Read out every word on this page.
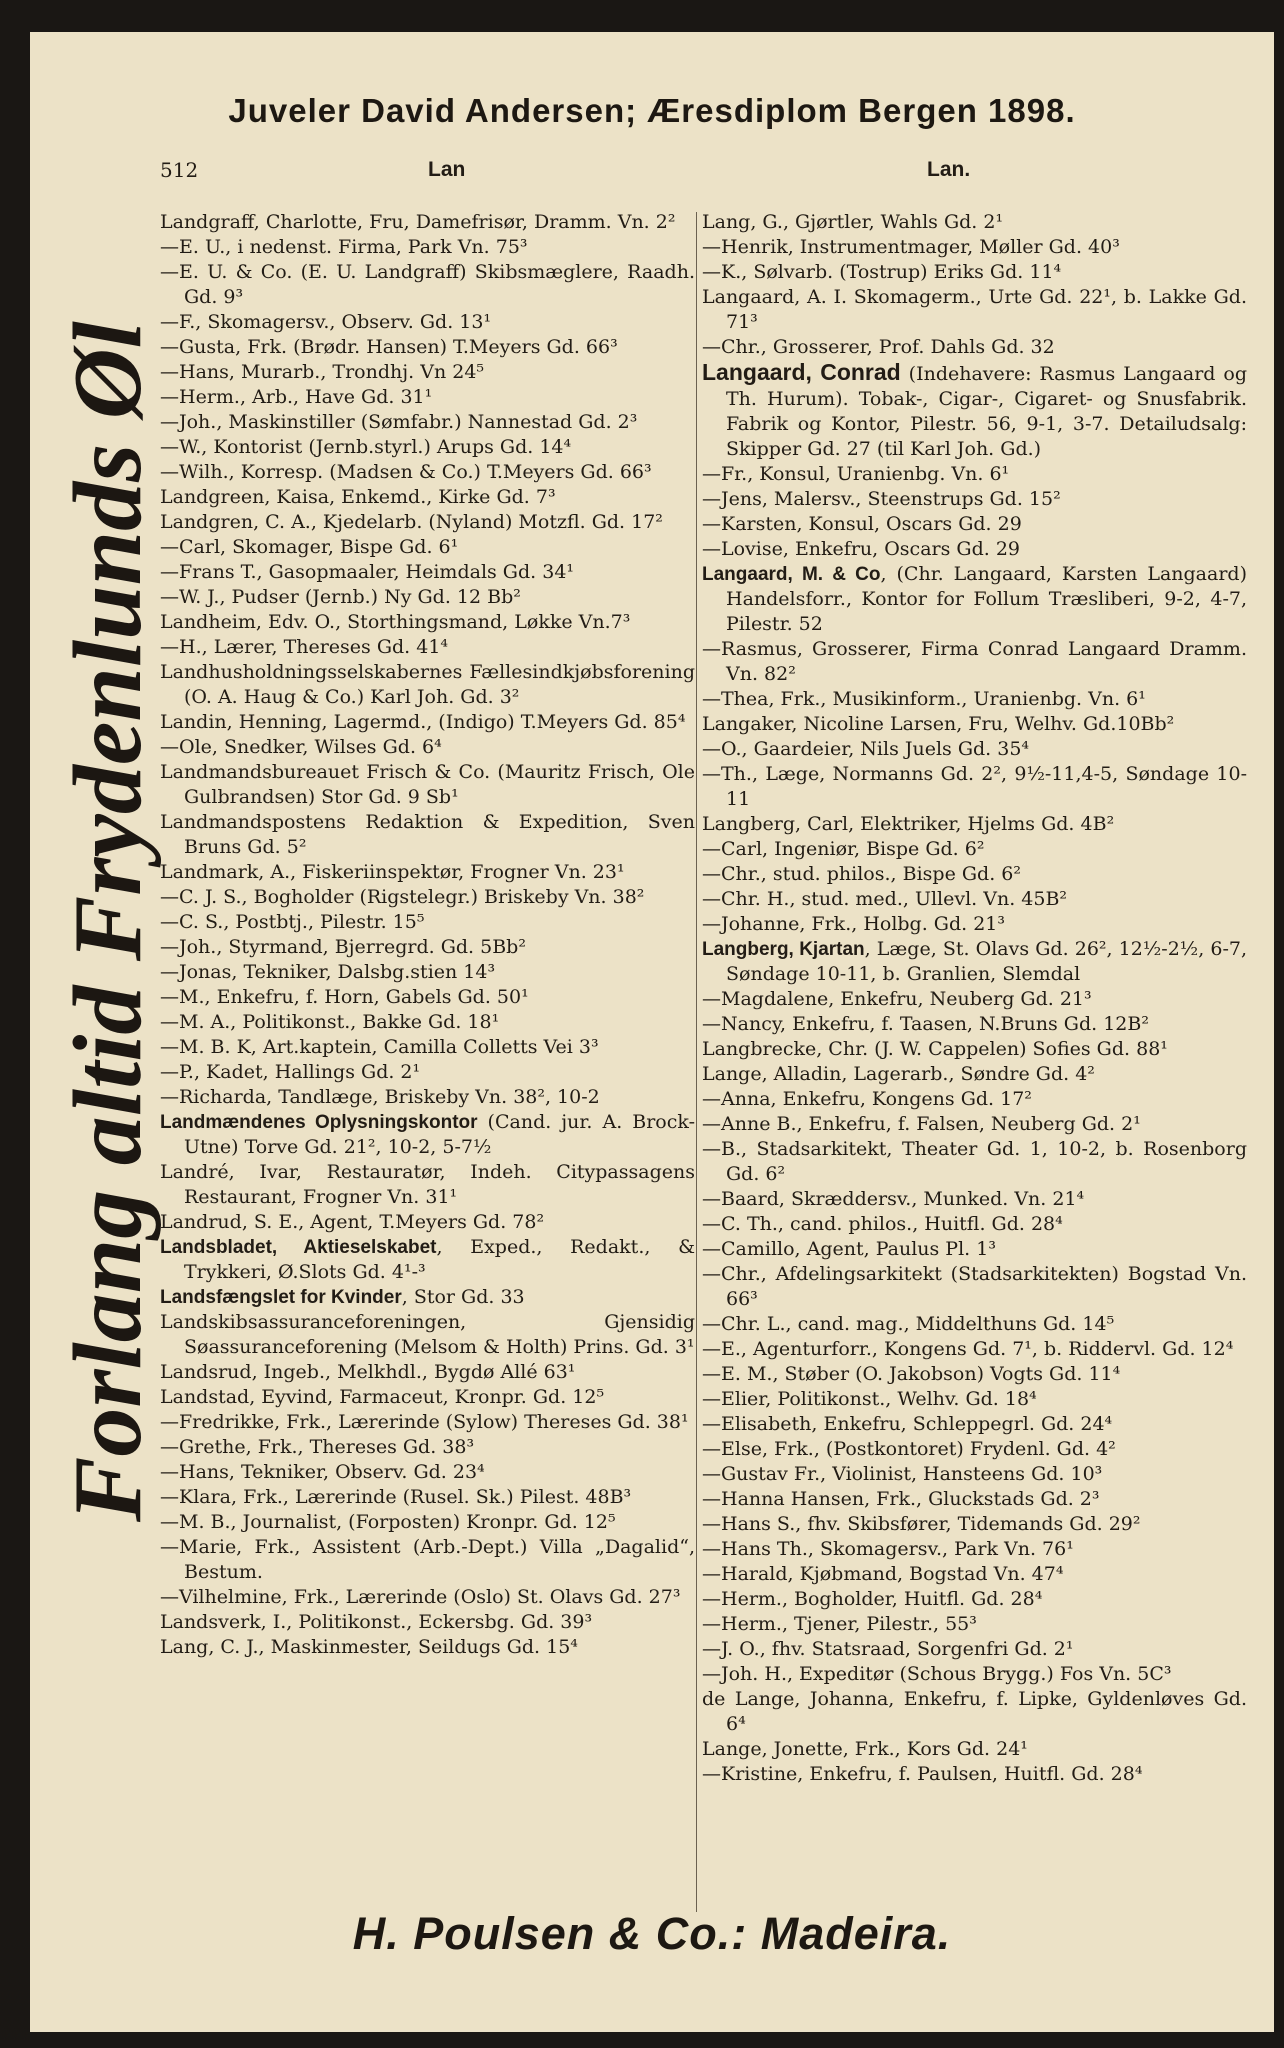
Juveler David Andersen; Æresdiplom Bergen 1898.
512	Lan	Lan.
Forlang altid Frydenlunds Øl
Landgraff, Charlotte, Fru, Damefrisør, Dramm. Vn. 2²
—E. U., i nedenst. Firma, Park Vn. 75³
—E. U. & Co. (E. U. Landgraff) Skibsmæglere, Raadh. Gd. 9³
—F., Skomagersv., Observ. Gd. 13¹
—Gusta, Frk. (Brødr. Hansen) T.Meyers Gd. 66³
—Hans, Murarb., Trondhj. Vn 24⁵
—Herm., Arb., Have Gd. 31¹
—Joh., Maskinstiller (Sømfabr.) Nannestad Gd. 2³
—W., Kontorist (Jernb.styrl.) Arups Gd. 14⁴
—Wilh., Korresp. (Madsen & Co.) T.Meyers Gd. 66³
Landgreen, Kaisa, Enkemd., Kirke Gd. 7³
Landgren, C. A., Kjedelarb. (Nyland) Motzfl. Gd. 17²
—Carl, Skomager, Bispe Gd. 6¹
—Frans T., Gasopmaaler, Heimdals Gd. 34¹
—W. J., Pudser (Jernb.) Ny Gd. 12 Bb²
Landheim, Edv. O., Storthingsmand, Løkke Vn.7³
—H., Lærer, Thereses Gd. 41⁴
Landhusholdningsselskabernes Fællesindkjøbsforening (O. A. Haug & Co.) Karl Joh. Gd. 3²
Landin, Henning, Lagermd., (Indigo) T.Meyers Gd. 85⁴
—Ole, Snedker, Wilses Gd. 6⁴
Landmandsbureauet Frisch & Co. (Mauritz Frisch, Ole Gulbrandsen) Stor Gd. 9 Sb¹
Landmandspostens Redaktion & Expedition, Sven Bruns Gd. 5²
Landmark, A., Fiskeriinspektør, Frogner Vn. 23¹
—C. J. S., Bogholder (Rigstelegr.) Briskeby Vn. 38²
—C. S., Postbtj., Pilestr. 15⁵
—Joh., Styrmand, Bjerregrd. Gd. 5Bb²
—Jonas, Tekniker, Dalsbg.stien 14³
—M., Enkefru, f. Horn, Gabels Gd. 50¹
—M. A., Politikonst., Bakke Gd. 18¹
—M. B. K, Art.kaptein, Camilla Colletts Vei 3³
—P., Kadet, Hallings Gd. 2¹
—Richarda, Tandlæge, Briskeby Vn. 38², 10-2
Landmændenes Oplysningskontor (Cand. jur. A. Brock-Utne) Torve Gd. 21², 10-2, 5-7½
Landré, Ivar, Restauratør, Indeh. Citypassagens Restaurant, Frogner Vn. 31¹
Landrud, S. E., Agent, T.Meyers Gd. 78²
Landsbladet, Aktieselskabet, Exped., Redakt., & Trykkeri, Ø.Slots Gd. 4¹-³
Landsfængslet for Kvinder, Stor Gd. 33
Landskibsassuranceforeningen, Gjensidig Søassuranceforening (Melsom & Holth) Prins. Gd. 3¹
Landsrud, Ingeb., Melkhdl., Bygdø Allé 63¹
Landstad, Eyvind, Farmaceut, Kronpr. Gd. 12⁵
—Fredrikke, Frk., Lærerinde (Sylow) Thereses Gd. 38¹
—Grethe, Frk., Thereses Gd. 38³
—Hans, Tekniker, Observ. Gd. 23⁴
—Klara, Frk., Lærerinde (Rusel. Sk.) Pilest. 48B³
—M. B., Journalist, (Forposten) Kronpr. Gd. 12⁵
—Marie, Frk., Assistent (Arb.-Dept.) Villa „Dagalid“, Bestum.
—Vilhelmine, Frk., Lærerinde (Oslo) St. Olavs Gd. 27³
Landsverk, I., Politikonst., Eckersbg. Gd. 39³
Lang, C. J., Maskinmester, Seildugs Gd. 15⁴
Lang, G., Gjørtler, Wahls Gd. 2¹
—Henrik, Instrumentmager, Møller Gd. 40³
—K., Sølvarb. (Tostrup) Eriks Gd. 11⁴
Langaard, A. I. Skomagerm., Urte Gd. 22¹, b. Lakke Gd. 71³
—Chr., Grosserer, Prof. Dahls Gd. 32
Langaard, Conrad (Indehavere: Rasmus Langaard og Th. Hurum). Tobak-, Cigar-, Cigaret- og Snusfabrik. Fabrik og Kontor, Pilestr. 56, 9-1, 3-7. Detailudsalg: Skipper Gd. 27 (til Karl Joh. Gd.)
—Fr., Konsul, Uranienbg. Vn. 6¹
—Jens, Malersv., Steenstrups Gd. 15²
—Karsten, Konsul, Oscars Gd. 29
—Lovise, Enkefru, Oscars Gd. 29
Langaard, M. & Co, (Chr. Langaard, Karsten Langaard) Handelsforr., Kontor for Follum Træsliberi, 9-2, 4-7, Pilestr. 52
—Rasmus, Grosserer, Firma Conrad Langaard Dramm. Vn. 82²
—Thea, Frk., Musikinform., Uranienbg. Vn. 6¹
Langaker, Nicoline Larsen, Fru, Welhv. Gd.10Bb²
—O., Gaardeier, Nils Juels Gd. 35⁴
—Th., Læge, Normanns Gd. 2², 9½-11,4-5, Søndage 10-11
Langberg, Carl, Elektriker, Hjelms Gd. 4B²
—Carl, Ingeniør, Bispe Gd. 6²
—Chr., stud. philos., Bispe Gd. 6²
—Chr. H., stud. med., Ullevl. Vn. 45B²
—Johanne, Frk., Holbg. Gd. 21³
Langberg, Kjartan, Læge, St. Olavs Gd. 26², 12½-2½, 6-7, Søndage 10-11, b. Granlien, Slemdal
—Magdalene, Enkefru, Neuberg Gd. 21³
—Nancy, Enkefru, f. Taasen, N.Bruns Gd. 12B²
Langbrecke, Chr. (J. W. Cappelen) Sofies Gd. 88¹
Lange, Alladin, Lagerarb., Søndre Gd. 4²
—Anna, Enkefru, Kongens Gd. 17²
—Anne B., Enkefru, f. Falsen, Neuberg Gd. 2¹
—B., Stadsarkitekt, Theater Gd. 1, 10-2, b. Rosenborg Gd. 6²
—Baard, Skræddersv., Munked. Vn. 21⁴
—C. Th., cand. philos., Huitfl. Gd. 28⁴
—Camillo, Agent, Paulus Pl. 1³
—Chr., Afdelingsarkitekt (Stadsarkitekten) Bogstad Vn. 66³
—Chr. L., cand. mag., Middelthuns Gd. 14⁵
—E., Agenturforr., Kongens Gd. 7¹, b. Riddervl. Gd. 12⁴
—E. M., Støber (O. Jakobson) Vogts Gd. 11⁴
—Elier, Politikonst., Welhv. Gd. 18⁴
—Elisabeth, Enkefru, Schleppegrl. Gd. 24⁴
—Else, Frk., (Postkontoret) Frydenl. Gd. 4²
—Gustav Fr., Violinist, Hansteens Gd. 10³
—Hanna Hansen, Frk., Gluckstads Gd. 2³
—Hans S., fhv. Skibsfører, Tidemands Gd. 29²
—Hans Th., Skomagersv., Park Vn. 76¹
—Harald, Kjøbmand, Bogstad Vn. 47⁴
—Herm., Bogholder, Huitfl. Gd. 28⁴
—Herm., Tjener, Pilestr., 55³
—J. O., fhv. Statsraad, Sorgenfri Gd. 2¹
—Joh. H., Expeditør (Schous Brygg.) Fos Vn. 5C³
de Lange, Johanna, Enkefru, f. Lipke, Gyldenløves Gd. 6⁴
Lange, Jonette, Frk., Kors Gd. 24¹
—Kristine, Enkefru, f. Paulsen, Huitfl. Gd. 28⁴
H. Poulsen & Co.: Madeira.
